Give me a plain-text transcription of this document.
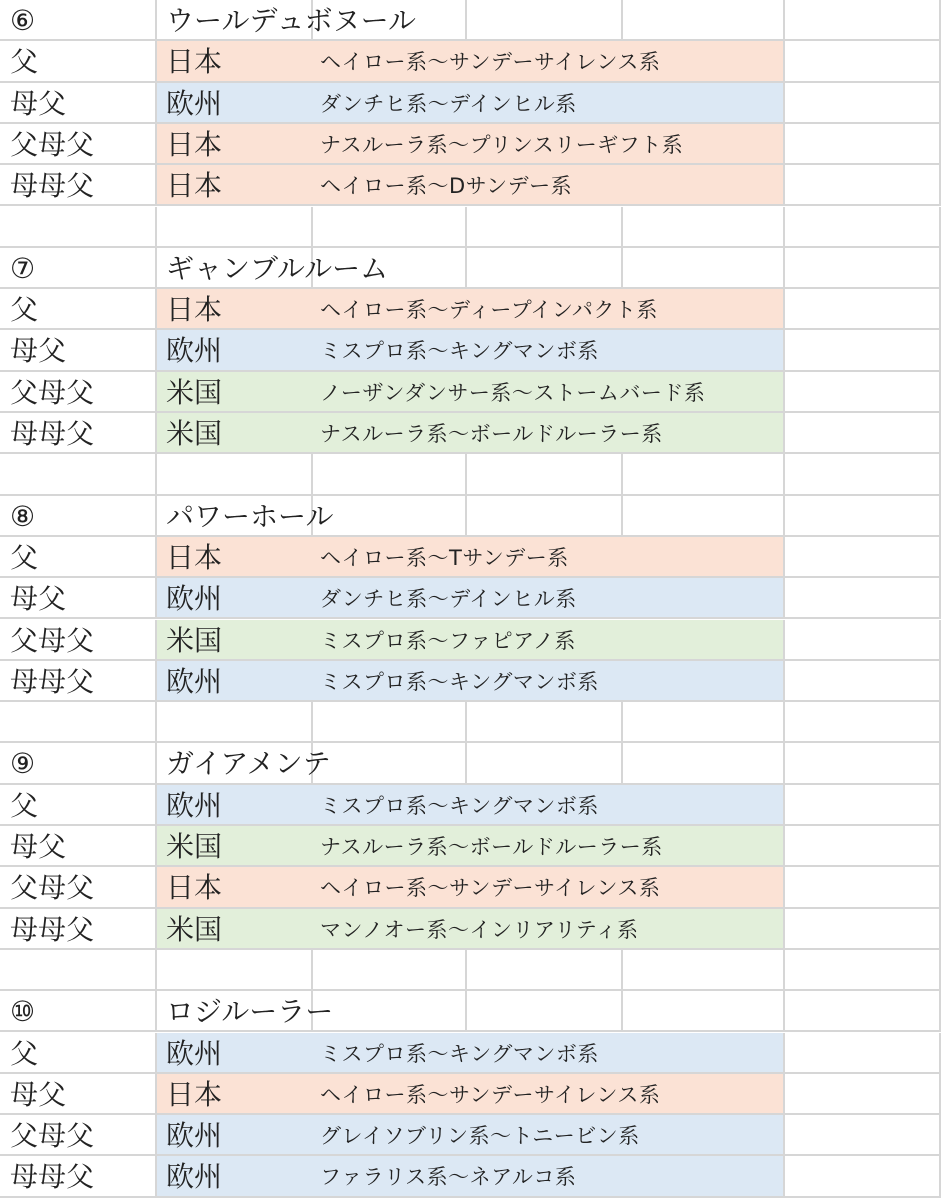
⑥	ウールデュボヌール
父	日本	ヘイロー系～サンデーサイレンス系
母父	欧州	ダンチヒ系～デインヒル系
父母父	日本	ナスルーラ系～プリンスリーギフト系
母母父	日本	ヘイロー系～Dサンデー系
⑦	ギャンブルルーム
父	日本	ヘイロー系～ディープインパクト系
母父	欧州	ミスプロ系～キングマンボ系
父母父	米国	ノーザンダンサー系～ストームバード系
母母父	米国	ナスルーラ系～ボールドルーラー系
⑧	パワーホール
父	日本	ヘイロー系～Tサンデー系
母父	欧州	ダンチヒ系～デインヒル系
父母父	米国	ミスプロ系～ファピアノ系
母母父	欧州	ミスプロ系～キングマンボ系
⑨	ガイアメンテ
父	欧州	ミスプロ系～キングマンボ系
母父	米国	ナスルーラ系～ボールドルーラー系
父母父	日本	ヘイロー系～サンデーサイレンス系
母母父	米国	マンノオー系～インリアリティ系
⑩	ロジルーラー
父	欧州	ミスプロ系～キングマンボ系
母父	日本	ヘイロー系～サンデーサイレンス系
父母父	欧州	グレイソブリン系～トニービン系
母母父	欧州	ファラリス系～ネアルコ系
